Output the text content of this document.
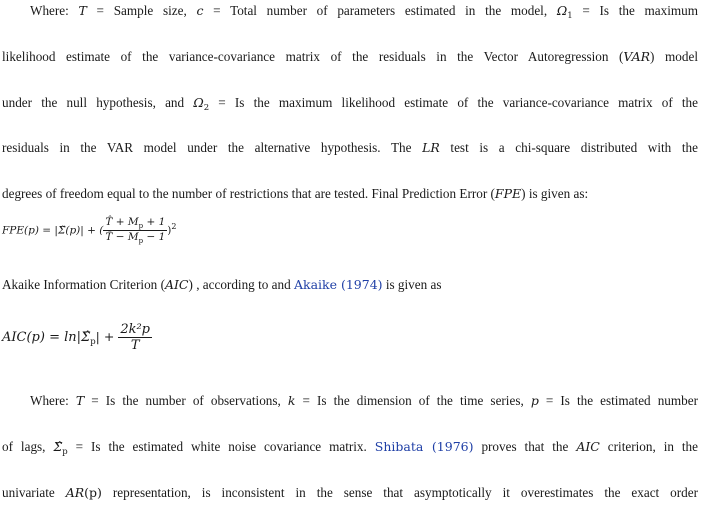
Where: T = Sample size, c = Total number of parameters estimated in the model, $\Omega_1 = Is$ the maximum
likelihood estimate of the variance-covariance matrix of the residuals in the Vector Autoregression (VAR) model
under the null hypothesis, and $\Omega_2 = Is$ the maximum likelihood estimate of the variance-covariance matrix of the
residuals in the VAR model under the alternative hypothesis. The LR test is a chi-square distributed with the
degrees of freedom equal to the number of restrictions that are tested. Final Prediction Error (FPE) is given as:
FPE(p) = |Σ̃(p)| + ( $\frac{T̂ + M_p + 1}{T̂ - M_p - 1} )^2$
Akaike Information Criterion (AIC) , according to and Akaike (1974) is given as
$AIC(p) = \ln|\Sigmâ_p| + \frac{\text{2k²p}}{T}$
Where: T = Is the number of observations, k = Is the dimension of the time series, p = Is the estimated number
of lags, $\Sigmâ_p = Is$ the estimated white noise covariance matrix. Shibata (1976) proves that the AIC criterion, in the
univariate AR(p) representation, is inconsistent in the sense that asymptotically it overestimates the exact order
